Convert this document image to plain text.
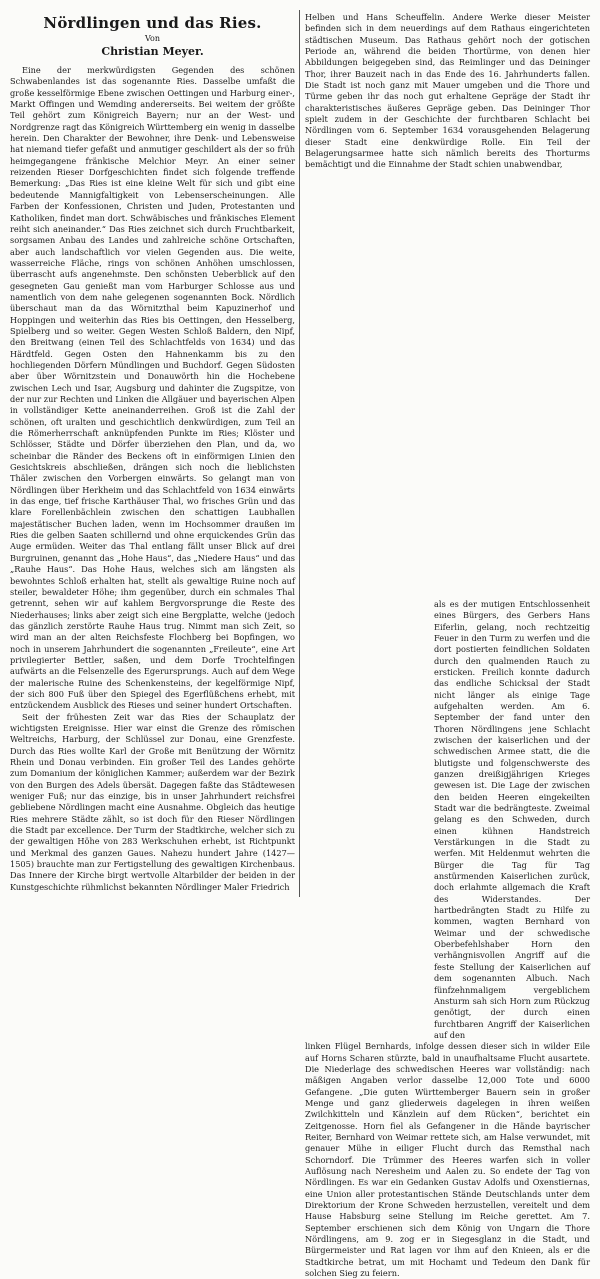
Nördlingen und das Ries.
Von
Christian Meyer.

Eine der merkwürdigsten Gegenden des schönen Schwabenlandes ist das sogenannte Ries. Dasselbe umfaßt die große kesselförmige Ebene zwischen Oettingen und Harburg einer-, Markt Offingen und Wemding andererseits. Bei weitem der größte Teil gehört zum Königreich Bayern; nur an der West- und Nordgrenze ragt das Königreich Württemberg ein wenig in dasselbe herein. Den Charakter der Bewohner, ihre Denk- und Lebensweise hat niemand tiefer gefaßt und anmutiger geschildert als der so früh heimgegangene fränkische Melchior Meyr. An einer seiner reizenden Rieser Dorfgeschichten findet sich folgende treffende Bemerkung: „Das Ries ist eine kleine Welt für sich und gibt eine bedeutende Mannigfaltigkeit von Lebenserscheinungen. Alle Farben der Konfessionen, Christen und Juden, Protestanten und Katholiken, findet man dort. Schwäbisches und fränkisches Element reiht sich aneinander.“ Das Ries zeichnet sich durch Fruchtbarkeit, sorgsamen Anbau des Landes und zahlreiche schöne Ortschaften, aber auch landschaftlich vor vielen Gegenden aus. Die weite, wasserreiche Fläche, rings von schönen Anhöhen umschlossen, überrascht aufs angenehmste. Den schönsten Ueberblick auf den gesegneten Gau genießt man vom Harburger Schlosse aus und namentlich von dem nahe gelegenen sogenannten Bock. Nördlich überschaut man da das Wörnitzthal beim Kapuzinerhof und Hoppingen und weiterhin das Ries bis Oettingen, den Hesselberg, Spielberg und so weiter. Gegen Westen Schloß Baldern, den Nipf, den Breitwang (einen Teil des Schlachtfelds von 1634) und das Härdtfeld. Gegen Osten den Hahnenkamm bis zu den hochliegenden Dörfern Mündlingen und Buchdorf. Gegen Südosten aber über Wörnitzstein und Donauwörth hin die Hochebene zwischen Lech und Isar, Augsburg und dahinter die Zugspitze, von der nur zur Rechten und Linken die Allgäuer und bayerischen Alpen in vollständiger Kette aneinanderreihen. Groß ist die Zahl der schönen, oft uralten und geschichtlich denkwürdigen, zum Teil an die Römerherrschaft anknüpfenden Punkte im Ries; Klöster und Schlösser, Städte und Dörfer überziehen den Plan, und da, wo scheinbar die Ränder des Beckens oft in einförmigen Linien den Gesichtskreis abschließen, drängen sich noch die lieblichsten Thäler zwischen den Vorbergen einwärts. So gelangt man von Nördlingen über Herkheim und das Schlachtfeld von 1634 einwärts in das enge, tief frische Karthäuser Thal, wo frisches Grün und das klare Forellenbächlein zwischen den schattigen Laubhallen majestätischer Buchen laden, wenn im Hochsommer draußen im Ries die gelben Saaten schillernd und ohne erquickendes Grün das Auge ermüden. Weiter das Thal entlang fällt unser Blick auf drei Burgruinen, genannt das „Hohe Haus“, das „Niedere Haus“ und das „Rauhe Haus“. Das Hohe Haus, welches sich am längsten als bewohntes Schloß erhalten hat, stellt als gewaltige Ruine noch auf steiler, bewaldeter Höhe; ihm gegenüber, durch ein schmales Thal getrennt, sehen wir auf kahlem Bergvorsprunge die Reste des Niederhauses; links aber zeigt sich eine Bergplatte, welche (jedoch das gänzlich zerstörte Rauhe Haus trug. Nimmt man sich Zeit, so wird man an der alten Reichsfeste Flochberg bei Bopfingen, wo noch in unserem Jahrhundert die sogenannten „Freileute“, eine Art privilegierter Bettler, saßen, und dem Dorfe Trochtelfingen aufwärts an die Felsenzelle des Egerursprungs. Auch auf dem Wege der malerische Ruine des Schenkensteins, der kegelförmige Nipf, der sich 800 Fuß über den Spiegel des Egerflüßchens erhebt, mit entzückendem Ausblick des Rieses und seiner hundert Ortschaften.

Seit der frühesten Zeit war das Ries der Schauplatz der wichtigsten Ereignisse. Hier war einst die Grenze des römischen Weltreichs, Harburg, der Schlüssel zur Donau, eine Grenzfeste. Durch das Ries wollte Karl der Große mit Benützung der Wörnitz Rhein und Donau verbinden. Ein großer Teil des Landes gehörte zum Domanium der königlichen Kammer; außerdem war der Bezirk von den Burgen des Adels übersät. Dagegen faßte das Städtewesen weniger Fuß; nur das einzige, bis in unser Jahrhundert reichsfrei gebliebene Nördlingen macht eine Ausnahme. Obgleich das heutige Ries mehrere Städte zählt, so ist doch für den Rieser Nördlingen die Stadt par excellence. Der Turm der Stadtkirche, welcher sich zu der gewaltigen Höhe von 283 Werkschuhen erhebt, ist Richtpunkt und Merkmal des ganzen Gaues. Nahezu hundert Jahre (1427—1505) brauchte man zur Fertigstellung des gewaltigen Kirchenbaus. Das Innere der Kirche birgt wertvolle Altarbilder der beiden in der Kunstgeschichte rühmlichst bekannten Nördlinger Maler Friedrich

Helben und Hans Scheuffelin. Andere Werke dieser Meister befinden sich in dem neuerdings auf dem Rathaus eingerichteten städtischen Museum. Das Rathaus gehört noch der gotischen Periode an, während die beiden Thortürme, von denen hier Abbildungen beigegeben sind, das Reimlinger und das Deininger Thor, ihrer Bauzeit nach in das Ende des 16. Jahrhunderts fallen. Die Stadt ist noch ganz mit Mauer umgeben und die Thore und Türme geben ihr das noch gut erhaltene Gepräge der Stadt ihr charakteristisches äußeres Gepräge geben. Das Deininger Thor spielt zudem in der Geschichte der furchtbaren Schlacht bei Nördlingen vom 6. September 1634 vorausgehenden Belagerung dieser Stadt eine denkwürdige Rolle. Ein Teil der Belagerungsarmee hatte sich nämlich bereits des Thorturms bemächtigt und die Einnahme der Stadt schien unabwendbar,

als es der mutigen Entschlossenheit eines Bürgers, des Gerbers Hans Eiferlin, gelang, noch rechtzeitig Feuer in den Turm zu werfen und die dort postierten feindlichen Soldaten durch den qualmenden Rauch zu ersticken. Freilich konnte dadurch das endliche Schicksal der Stadt nicht länger als einige Tage aufgehalten werden. Am 6. September der fand unter den Thoren Nördlingens jene Schlacht zwischen der kaiserlichen und der schwedischen Armee statt, die die blutigste und folgenschwerste des ganzen dreißigjährigen Krieges gewesen ist. Die Lage der zwischen den beiden Heeren eingekeilten Stadt war die bedrängteste. Zweimal gelang es den Schweden, durch einen kühnen Handstreich Verstärkungen in die Stadt zu werfen. Mit Heldenmut wehrten die Bürger die Tag für Tag anstürmenden Kaiserlichen zurück, doch erlahmte allgemach die Kraft des Widerstandes. Der hartbedrängten Stadt zu Hilfe zu kommen, wagten Bernhard von Weimar und der schwedische Oberbefehlshaber Horn den verhängnisvollen Angriff auf die feste Stellung der Kaiserlichen auf dem sogenannten Albuch. Nach fünfzehnmaligem vergeblichem Ansturm sah sich Horn zum Rückzug genötigt, der durch einen furchtbaren Angriff der Kaiserlichen auf den

linken Flügel Bernhards, infolge dessen dieser sich in wilder Eile auf Horns Scharen stürzte, bald in unaufhaltsame Flucht ausartete. Die Niederlage des schwedischen Heeres war vollständig: nach mäßigen Angaben verlor dasselbe 12,000 Tote und 6000 Gefangene. „Die guten Württemberger Bauern sein in großer Menge und ganz gliederweis dagelegen in ihren weißen Zwilchkitteln und Känzlein auf dem Rücken“, berichtet ein Zeitgenosse. Horn fiel als Gefangener in die Hände bayrischer Reiter, Bernhard von Weimar rettete sich, am Halse verwundet, mit genauer Mühe in eiliger Flucht durch das Remsthal nach Schorndorf. Die Trümmer des Heeres warfen sich in voller Auflösung nach Neresheim und Aalen zu. So endete der Tag von Nördlingen. Es war ein Gedanken Gustav Adolfs und Oxenstiernas, eine Union aller protestantischen Stände Deutschlands unter dem Direktorium der Krone Schweden herzustellen, vereitelt und dem Hause Habsburg seine Stellung im Reiche gerettet. Am 7. September erschienen sich dem König von Ungarn die Thore Nördlingens, am 9. zog er in Siegesglanz in die Stadt, und Bürgermeister und Rat lagen vor ihm auf den Knieen, als er die Stadtkirche betrat, um mit Hochamt und Tedeum den Dank für solchen Sieg zu feiern.
